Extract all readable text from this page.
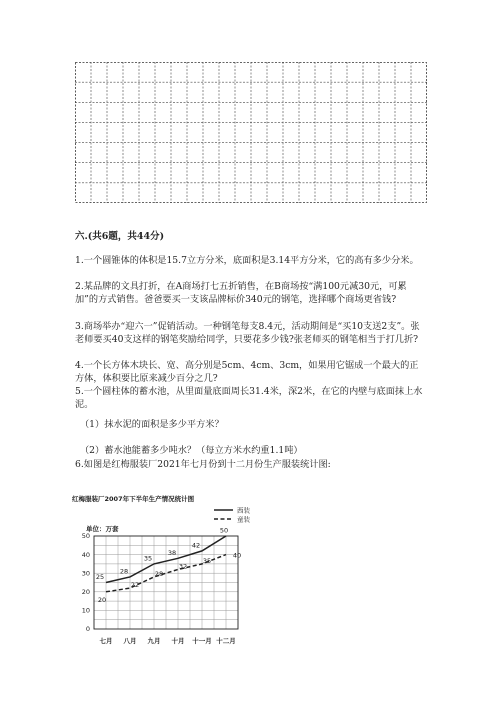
六.(共6题，共44分)

1.一个圆锥体的体积是15.7立方分米，底面积是3.14平方分米，它的高有多少分米。

2.某品牌的文具打折，在A商场打七五折销售，在B商场按“满100元减30元，可累加”的方式销售。爸爸要买一支该品牌标价340元的钢笔，选择哪个商场更省钱?

3.商场举办“迎六一”促销活动。一种钢笔每支8.4元，活动期间是“买10支送2支”。张老师要买40支这样的钢笔奖励给同学，只要花多少钱?张老师买的钢笔相当于打几折?

4.一个长方体木块长、宽、高分别是5cm、4cm、3cm，如果用它锯成一个最大的正方体，体积要比原来减少百分之几?

5.一个圆柱体的蓄水池，从里面量底面周长31.4米，深2米，在它的内壁与底面抹上水泥。

（1）抹水泥的面积是多少平方米？

（2）蓄水池能蓄多少吨水？（每立方米水约重1.1吨）

6.如图是红梅服装厂2021年七月份到十二月份生产服装统计图:

红梅服装厂2007年下半年生产情况统计图
单位：万套
西装
童装
0
10
20
30
40
50
七月 八月 九月 十月 十一月 十二月
25
28
35
38
42
50
20
22
28
32
35
40
